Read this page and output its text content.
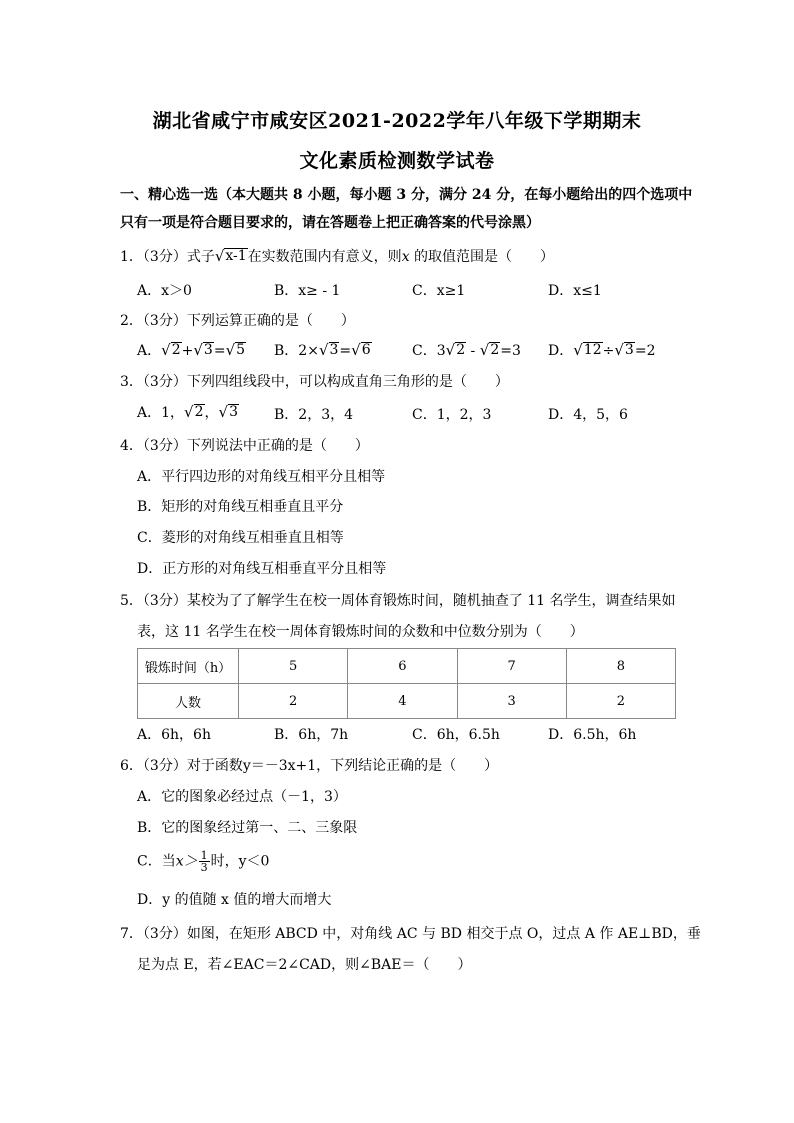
湖北省咸宁市咸安区2021-2022学年八年级下学期期末
文化素质检测数学试卷
一、精心选一选（本大题共 8 小题，每小题 3 分，满分 24 分，在每小题给出的四个选项中
只有一项是符合题目要求的，请在答题卷上把正确答案的代号涂黑）
1．（3分）式子 √ x-1 在实数范围内有意义，则x 的取值范围是（　　）
A．x＞0	B．x≥ - 1	C．x≥1	D．x≤1
2．（3分）下列运算正确的是（　　）
A． √ 2 + √ 3 = √ 5 B．2× √ 3 = √ 6	C．3 √ 2 - √ 2 =3 D． √ 12 ÷ √ 3 =2
3．（3分）下列四组线段中，可以构成直角三角形的是（　　）
A．1， √ 2 ， √ 3	B．2，3，4	C．1，2，3	D．4，5，6
4．（3分）下列说法中正确的是（　　）
A．平行四边形的对角线互相平分且相等
B．矩形的对角线互相垂直且平分
C．菱形的对角线互相垂直且相等
D．正方形的对角线互相垂直平分且相等
5．（3分）某校为了了解学生在校一周体育锻炼时间，随机抽查了 11 名学生，调查结果如
表，这 11 名学生在校一周体育锻炼时间的众数和中位数分别为（　　）
锻炼时间（h）	5	6	7	8
人数	2	4	3	2
A．6h，6h	B．6h，7h	C．6h，6.5h	D．6.5h，6h
6．（3分）对于函数y＝－3x+1，下列结论正确的是（　　）
A．它的图象必经过点（－1，3）
B．它的图象经过第一、二、三象限
C．当$x> \frac{1}{3}$ 时，y＜0
D．y 的值随 x 值的增大而增大
7．（3分）如图，在矩形 ABCD 中，对角线 AC 与 BD 相交于点 O，过点 A 作 AE⊥BD，垂
足为点 E，若∠EAC＝2∠CAD，则∠BAE＝（　　）
